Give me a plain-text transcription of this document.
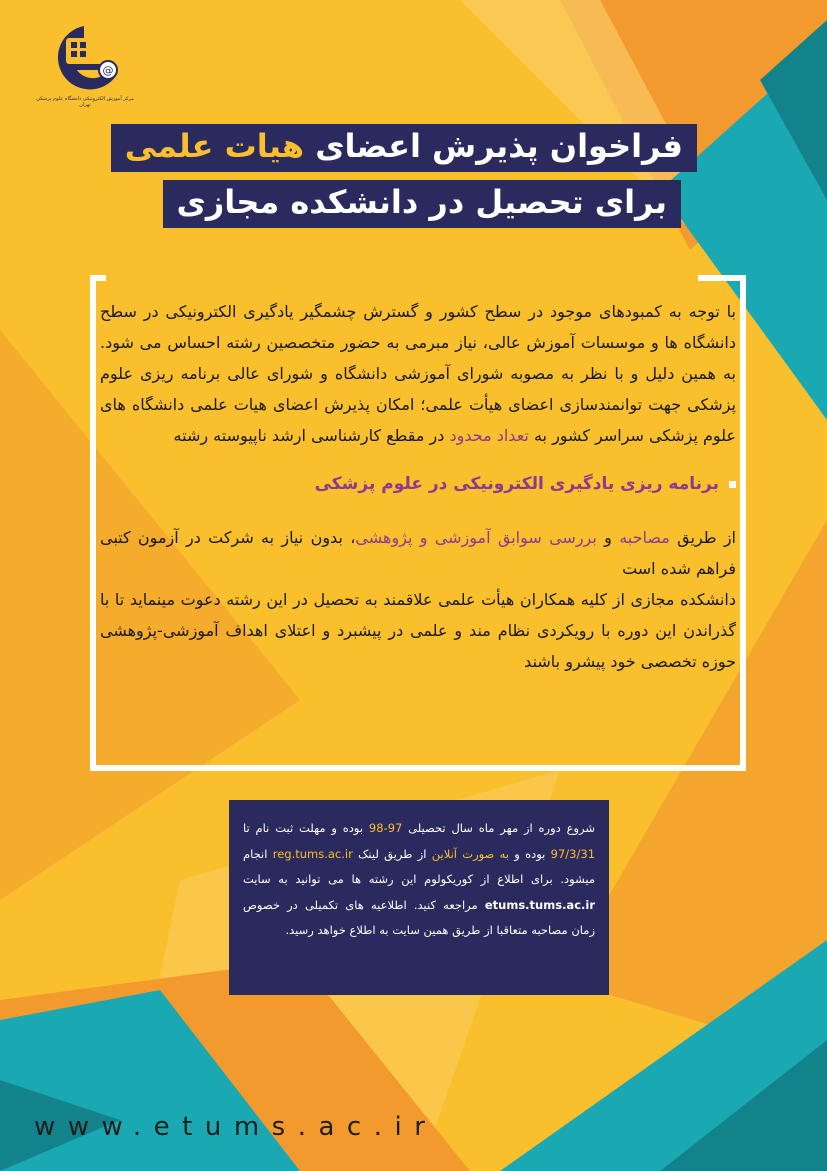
@
مرکز آموزش الکترونیکی دانشگاه علوم پزشکی تهران
فراخوان پذیرش اعضای هیات علمی
برای تحصیل در دانشکده مجازی

با توجه به کمبودهای موجود در سطح کشور و گسترش چشمگیر یادگیری الکترونیکی در سطح دانشگاه ها و موسسات آموزش عالی، نیاز مبرمی به حضور متخصصین رشته احساس می شود. به همین دلیل و با نظر به مصوبه شورای آموزشی دانشگاه و شورای عالی برنامه ریزی علوم پزشکی جهت توانمندسازی اعضای هیأت علمی؛ امکان پذیرش اعضای هیات علمی دانشگاه های علوم پزشکی سراسر کشور به تعداد محدود در مقطع کارشناسی ارشد ناپیوسته رشته

برنامه ریزی یادگیری الکترونیکی در علوم پزشکی

از طریق مصاحبه و بررسی سوابق آموزشی و پژوهشی، بدون نیاز به شرکت در آزمون کتبی فراهم شده است

دانشکده مجازی از کلیه همکاران هیأت علمی علاقمند به تحصیل در این رشته دعوت مینماید تا با گذراندن این دوره با رویکردی نظام مند و علمی در پیشبرد و اعتلای اهداف آموزشی-پژوهشی حوزه تخصصی خود پیشرو باشند

شروع دوره از مهر ماه سال تحصیلی 97-98 بوده و مهلت ثبت نام تا 97/3/31 بوده و به صورت آنلاین از طریق لینک reg.tums.ac.ir انجام میشود. برای اطلاع از کوریکولوم این رشته ها می توانید به سایت etums.tums.ac.ir مراجعه کنید. اطلاعیه های تکمیلی در خصوص زمان مصاحبه متعاقبا از طریق همین سایت به اطلاع خواهد رسید.
www.etums.ac.ir
